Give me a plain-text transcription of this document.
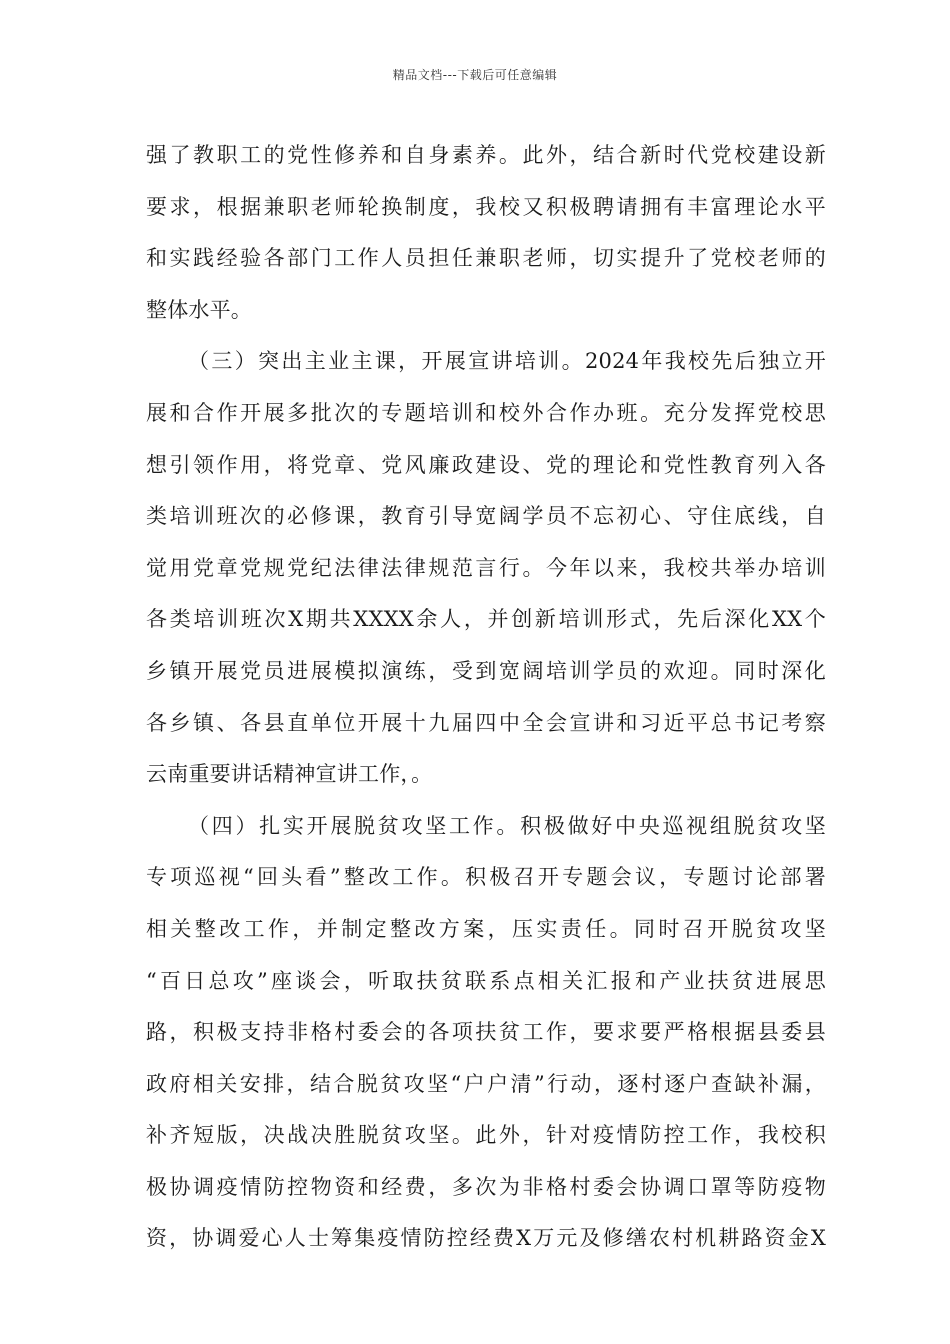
精品文档---下载后可任意编辑
强了教职工的党性修养和自身素养。此外，结合新时代党校建设新
要求，根据兼职老师轮换制度，我校又积极聘请拥有丰富理论水平
和实践经验各部门工作人员担任兼职老师，切实提升了党校老师的
整体水平。
（三）突出主业主课，开展宣讲培训。2024年我校先后独立开
展和合作开展多批次的专题培训和校外合作办班。充分发挥党校思
想引领作用，将党章、党风廉政建设、党的理论和党性教育列入各
类培训班次的必修课，教育引导宽阔学员不忘初心、守住底线，自
觉用党章党规党纪法律法律规范言行。今年以来，我校共举办培训
各类培训班次X期共XXXX余人，并创新培训形式，先后深化XX个
乡镇开展党员进展模拟演练，受到宽阔培训学员的欢迎。同时深化
各乡镇、各县直单位开展十九届四中全会宣讲和习近平总书记考察
云南重要讲话精神宣讲工作，。
（四）扎实开展脱贫攻坚工作。积极做好中央巡视组脱贫攻坚
专项巡视“回头看”整改工作。积极召开专题会议，专题讨论部署
相关整改工作，并制定整改方案，压实责任。同时召开脱贫攻坚
“百日总攻”座谈会，听取扶贫联系点相关汇报和产业扶贫进展思
路，积极支持非格村委会的各项扶贫工作，要求要严格根据县委县
政府相关安排，结合脱贫攻坚“户户清”行动，逐村逐户查缺补漏，
补齐短版，决战决胜脱贫攻坚。此外，针对疫情防控工作，我校积
极协调疫情防控物资和经费，多次为非格村委会协调口罩等防疫物
资，协调爱心人士筹集疫情防控经费X万元及修缮农村机耕路资金X
